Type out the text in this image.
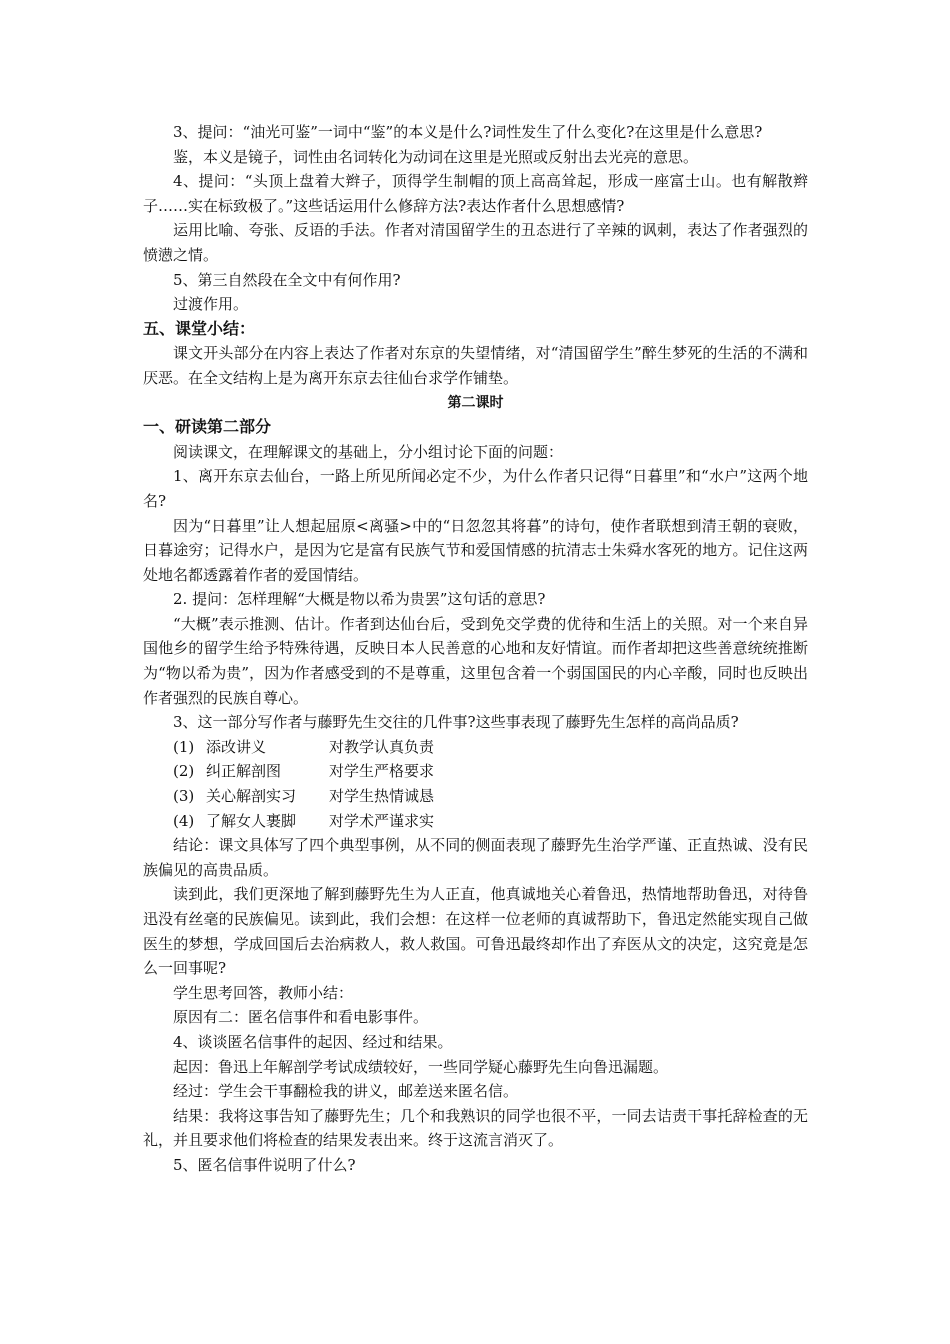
3、提问：“油光可鉴”一词中“鉴”的本义是什么?词性发生了什么变化?在这里是什么意思?

鉴，本义是镜子，词性由名词转化为动词在这里是光照或反射出去光亮的意思。

4、提问：“头顶上盘着大辫子，顶得学生制帽的顶上高高耸起，形成一座富士山。也有解散辫子……实在标致极了。”这些话运用什么修辞方法?表达作者什么思想感情?

运用比喻、夸张、反语的手法。作者对清国留学生的丑态进行了辛辣的讽刺，表达了作者强烈的愤懑之情。

5、第三自然段在全文中有何作用?

过渡作用。

五、课堂小结：

课文开头部分在内容上表达了作者对东京的失望情绪，对“清国留学生”醉生梦死的生活的不满和厌恶。在全文结构上是为离开东京去往仙台求学作铺垫。

第二课时
一、研读第二部分

阅读课文，在理解课文的基础上，分小组讨论下面的问题：

1、离开东京去仙台，一路上所见所闻必定不少，为什么作者只记得“日暮里”和“水户”这两个地名?

因为“日暮里”让人想起屈原<离骚>中的“日忽忽其将暮”的诗句，使作者联想到清王朝的衰败，日暮途穷；记得水户，是因为它是富有民族气节和爱国情感的抗清志士朱舜水客死的地方。记住这两处地名都透露着作者的爱国情结。

2. 提问：怎样理解“大概是物以希为贵罢”这句话的意思?

“大概”表示推测、估计。作者到达仙台后，受到免交学费的优待和生活上的关照。对一个来自异国他乡的留学生给予特殊待遇，反映日本人民善意的心地和友好情谊。而作者却把这些善意统统推断为“物以希为贵”，因为作者感受到的不是尊重，这里包含着一个弱国国民的内心辛酸，同时也反映出作者强烈的民族自尊心。

3、这一部分写作者与藤野先生交往的几件事?这些事表现了藤野先生怎样的高尚品质?

(1) 添改讲义	对教学认真负责

(2) 纠正解剖图	对学生严格要求

(3) 关心解剖实习 对学生热情诚恳

(4) 了解女人裹脚 对学术严谨求实

结论：课文具体写了四个典型事例，从不同的侧面表现了藤野先生治学严谨、正直热诚、没有民族偏见的高贵品质。

读到此，我们更深地了解到藤野先生为人正直，他真诚地关心着鲁迅，热情地帮助鲁迅，对待鲁迅没有丝毫的民族偏见。读到此，我们会想：在这样一位老师的真诚帮助下，鲁迅定然能实现自己做医生的梦想，学成回国后去治病救人，救人救国。可鲁迅最终却作出了弃医从文的决定，这究竟是怎么一回事呢?

学生思考回答，教师小结：

原因有二：匿名信事件和看电影事件。

4、谈谈匿名信事件的起因、经过和结果。

起因：鲁迅上年解剖学考试成绩较好，一些同学疑心藤野先生向鲁迅漏题。

经过：学生会干事翻检我的讲义，邮差送来匿名信。

结果：我将这事告知了藤野先生；几个和我熟识的同学也很不平，一同去诘责干事托辞检查的无礼，并且要求他们将检查的结果发表出来。终于这流言消灭了。

5、匿名信事件说明了什么?
